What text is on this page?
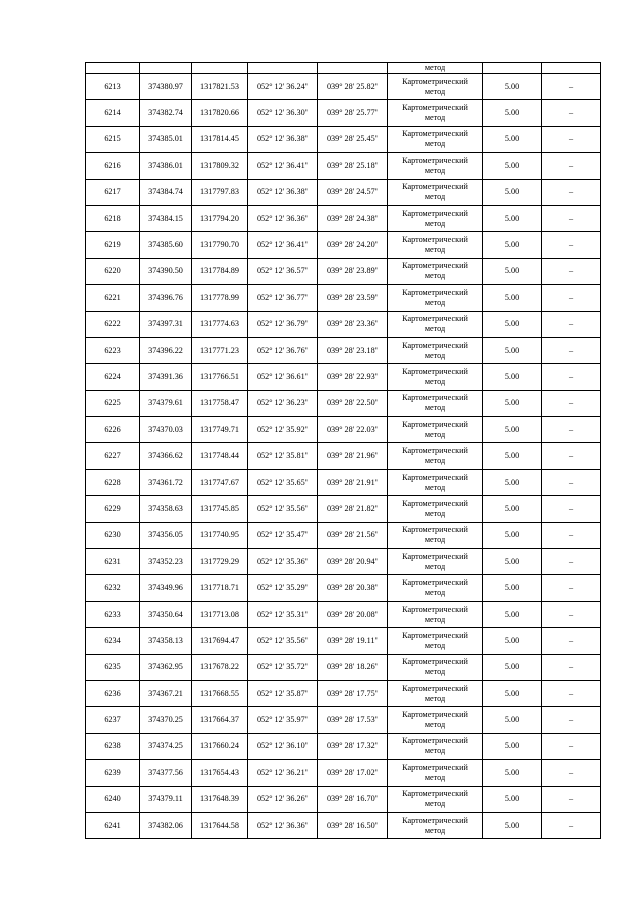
					метод		
6213	374380.97	1317821.53	052° 12' 36.24"	039° 28' 25.82"	Картометрический
метод	5.00	–
6214	374382.74	1317820.66	052° 12' 36.30"	039° 28' 25.77"	Картометрический
метод	5.00	–
6215	374385.01	1317814.45	052° 12' 36.38"	039° 28' 25.45"	Картометрический
метод	5.00	–
6216	374386.01	1317809.32	052° 12' 36.41"	039° 28' 25.18"	Картометрический
метод	5.00	–
6217	374384.74	1317797.83	052° 12' 36.38"	039° 28' 24.57"	Картометрический
метод	5.00	–
6218	374384.15	1317794.20	052° 12' 36.36"	039° 28' 24.38"	Картометрический
метод	5.00	–
6219	374385.60	1317790.70	052° 12' 36.41"	039° 28' 24.20"	Картометрический
метод	5.00	–
6220	374390.50	1317784.89	052° 12' 36.57"	039° 28' 23.89"	Картометрический
метод	5.00	–
6221	374396.76	1317778.99	052° 12' 36.77"	039° 28' 23.59"	Картометрический
метод	5.00	–
6222	374397.31	1317774.63	052° 12' 36.79"	039° 28' 23.36"	Картометрический
метод	5.00	–
6223	374396.22	1317771.23	052° 12' 36.76"	039° 28' 23.18"	Картометрический
метод	5.00	–
6224	374391.36	1317766.51	052° 12' 36.61"	039° 28' 22.93"	Картометрический
метод	5.00	–
6225	374379.61	1317758.47	052° 12' 36.23"	039° 28' 22.50"	Картометрический
метод	5.00	–
6226	374370.03	1317749.71	052° 12' 35.92"	039° 28' 22.03"	Картометрический
метод	5.00	–
6227	374366.62	1317748.44	052° 12' 35.81"	039° 28' 21.96"	Картометрический
метод	5.00	–
6228	374361.72	1317747.67	052° 12' 35.65"	039° 28' 21.91"	Картометрический
метод	5.00	–
6229	374358.63	1317745.85	052° 12' 35.56"	039° 28' 21.82"	Картометрический
метод	5.00	–
6230	374356.05	1317740.95	052° 12' 35.47"	039° 28' 21.56"	Картометрический
метод	5.00	–
6231	374352.23	1317729.29	052° 12' 35.36"	039° 28' 20.94"	Картометрический
метод	5.00	–
6232	374349.96	1317718.71	052° 12' 35.29"	039° 28' 20.38"	Картометрический
метод	5.00	–
6233	374350.64	1317713.08	052° 12' 35.31"	039° 28' 20.08"	Картометрический
метод	5.00	–
6234	374358.13	1317694.47	052° 12' 35.56"	039° 28' 19.11"	Картометрический
метод	5.00	–
6235	374362.95	1317678.22	052° 12' 35.72"	039° 28' 18.26"	Картометрический
метод	5.00	–
6236	374367.21	1317668.55	052° 12' 35.87"	039° 28' 17.75"	Картометрический
метод	5.00	–
6237	374370.25	1317664.37	052° 12' 35.97"	039° 28' 17.53"	Картометрический
метод	5.00	–
6238	374374.25	1317660.24	052° 12' 36.10"	039° 28' 17.32"	Картометрический
метод	5.00	–
6239	374377.56	1317654.43	052° 12' 36.21"	039° 28' 17.02"	Картометрический
метод	5.00	–
6240	374379.11	1317648.39	052° 12' 36.26"	039° 28' 16.70"	Картометрический
метод	5.00	–
6241	374382.06	1317644.58	052° 12' 36.36"	039° 28' 16.50"	Картометрический
метод	5.00	–
